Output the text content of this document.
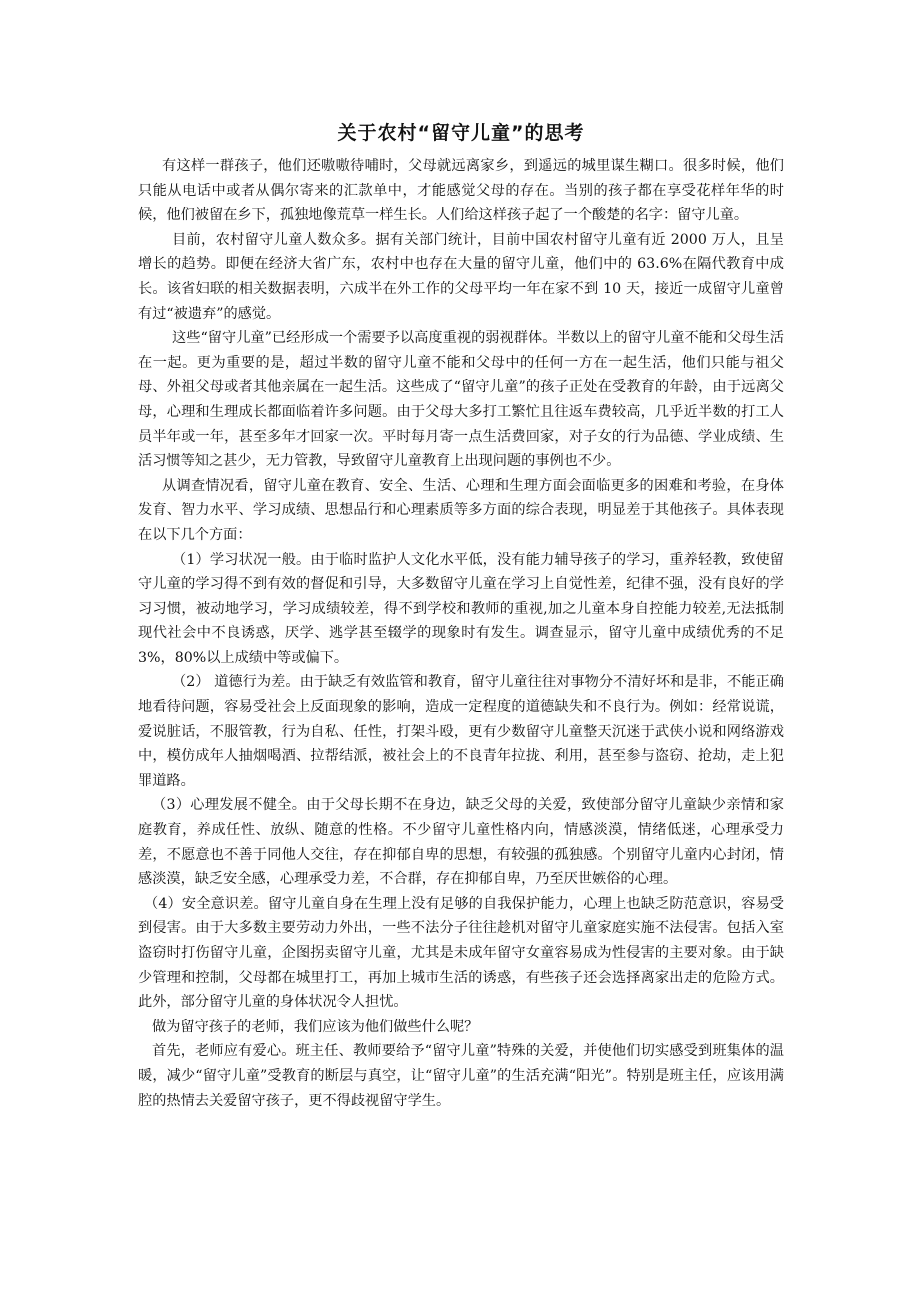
关于农村“留守儿童”的思考

有这样一群孩子，他们还嗷嗷待哺时，父母就远离家乡，到遥远的城里谋生糊口。很多时候，他们只能从电话中或者从偶尔寄来的汇款单中，才能感觉父母的存在。当别的孩子都在享受花样年华的时候，他们被留在乡下，孤独地像荒草一样生长。人们给这样孩子起了一个酸楚的名字：留守儿童。

目前，农村留守儿童人数众多。据有关部门统计，目前中国农村留守儿童有近 2000 万人，且呈增长的趋势。即便在经济大省广东，农村中也存在大量的留守儿童，他们中的 63.6%在隔代教育中成长。该省妇联的相关数据表明，六成半在外工作的父母平均一年在家不到 10 天，接近一成留守儿童曾有过“被遗弃”的感觉。

这些“留守儿童”已经形成一个需要予以高度重视的弱视群体。半数以上的留守儿童不能和父母生活在一起。更为重要的是，超过半数的留守儿童不能和父母中的任何一方在一起生活，他们只能与祖父母、外祖父母或者其他亲属在一起生活。这些成了“留守儿童”的孩子正处在受教育的年龄，由于远离父母，心理和生理成长都面临着许多问题。由于父母大多打工繁忙且往返车费较高，几乎近半数的打工人员半年或一年，甚至多年才回家一次。平时每月寄一点生活费回家，对子女的行为品德、学业成绩、生活习惯等知之甚少，无力管教，导致留守儿童教育上出现问题的事例也不少。

从调查情况看，留守儿童在教育、安全、生活、心理和生理方面会面临更多的困难和考验，在身体发育、智力水平、学习成绩、思想品行和心理素质等多方面的综合表现，明显差于其他孩子。具体表现在以下几个方面：

（1）学习状况一般。由于临时监护人文化水平低，没有能力辅导孩子的学习，重养轻教，致使留守儿童的学习得不到有效的督促和引导，大多数留守儿童在学习上自觉性差，纪律不强，没有良好的学习习惯，被动地学习，学习成绩较差，得不到学校和教师的重视,加之儿童本身自控能力较差,无法抵制现代社会中不良诱惑，厌学、逃学甚至辍学的现象时有发生。调查显示，留守儿童中成绩优秀的不足 3%，80%以上成绩中等或偏下。

（2） 道德行为差。由于缺乏有效监管和教育，留守儿童往往对事物分不清好坏和是非，不能正确地看待问题，容易受社会上反面现象的影响，造成一定程度的道德缺失和不良行为。例如：经常说谎，爱说脏话，不服管教，行为自私、任性，打架斗殴，更有少数留守儿童整天沉迷于武侠小说和网络游戏中，模仿成年人抽烟喝酒、拉帮结派，被社会上的不良青年拉拢、利用，甚至参与盗窃、抢劫，走上犯罪道路。

（3）心理发展不健全。由于父母长期不在身边，缺乏父母的关爱，致使部分留守儿童缺少亲情和家庭教育，养成任性、放纵、随意的性格。不少留守儿童性格内向，情感淡漠，情绪低迷，心理承受力差，不愿意也不善于同他人交往，存在抑郁自卑的思想，有较强的孤独感。个别留守儿童内心封闭，情感淡漠，缺乏安全感，心理承受力差，不合群，存在抑郁自卑，乃至厌世嫉俗的心理。

（4）安全意识差。留守儿童自身在生理上没有足够的自我保护能力，心理上也缺乏防范意识，容易受到侵害。由于大多数主要劳动力外出，一些不法分子往往趁机对留守儿童家庭实施不法侵害。包括入室盗窃时打伤留守儿童，企图拐卖留守儿童，尤其是未成年留守女童容易成为性侵害的主要对象。由于缺少管理和控制，父母都在城里打工，再加上城市生活的诱惑，有些孩子还会选择离家出走的危险方式。此外，部分留守儿童的身体状况令人担忧。

做为留守孩子的老师，我们应该为他们做些什么呢？

首先，老师应有爱心。班主任、教师要给予“留守儿童”特殊的关爱，并使他们切实感受到班集体的温暖，减少“留守儿童”受教育的断层与真空，让“留守儿童”的生活充满“阳光”。特别是班主任，应该用满腔的热情去关爱留守孩子，更不得歧视留守学生。
